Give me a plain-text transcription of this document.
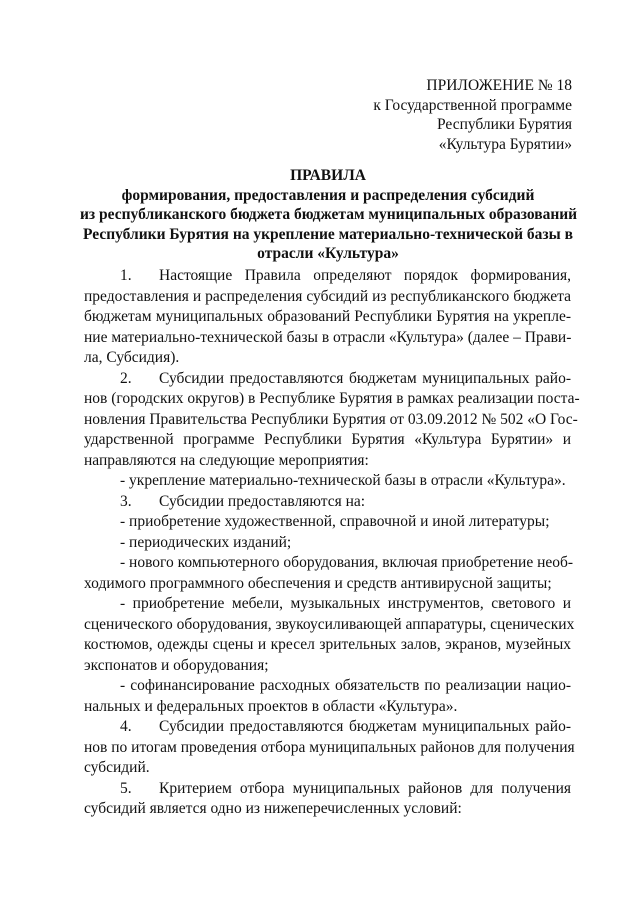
ПРИЛОЖЕНИЕ № 18
к Государственной программе
Республики Бурятия
«Культура Бурятии»
ПРАВИЛА
формирования, предоставления и распределения субсидий
из республиканского бюджета бюджетам муниципальных образований
Республики Бурятия на укрепление материально-технической базы в
отрасли «Культура»
1. Настоящие Правила определяют порядок формирования,
предоставления и распределения субсидий из республиканского бюджета
бюджетам муниципальных образований Республики Бурятия на укрепле-
ние материально-технической базы в отрасли «Культура» (далее – Прави-
ла, Субсидия).
2. Субсидии предоставляются бюджетам муниципальных райо-
нов (городских округов) в Республике Бурятия в рамках реализации поста-
новления Правительства Республики Бурятия от 03.09.2012 № 502 «О Гос-
ударственной программе Республики Бурятия «Культура Бурятии» и
направляются на следующие мероприятия:
- укрепление материально-технической базы в отрасли «Культура».
3. Субсидии предоставляются на:
- приобретение художественной, справочной и иной литературы;
- периодических изданий;
- нового компьютерного оборудования, включая приобретение необ-
ходимого программного обеспечения и средств антивирусной защиты;
- приобретение мебели, музыкальных инструментов, светового и
сценического оборудования, звукоусиливающей аппаратуры, сценических
костюмов, одежды сцены и кресел зрительных залов, экранов, музейных
экспонатов и оборудования;
- софинансирование расходных обязательств по реализации нацио-
нальных и федеральных проектов в области «Культура».
4. Субсидии предоставляются бюджетам муниципальных райо-
нов по итогам проведения отбора муниципальных районов для получения
субсидий.
5. Критерием отбора муниципальных районов для получения
субсидий является одно из нижеперечисленных условий:
